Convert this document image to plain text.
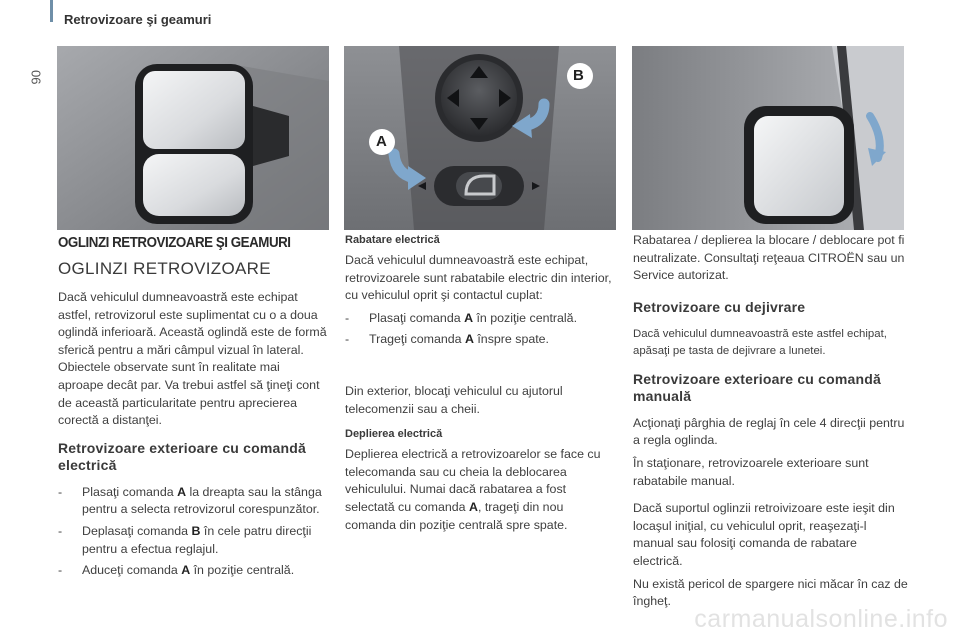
90
Retrovizoare şi geamuri
B
A
OGLINZI RETROVIZOARE ŞI GEAMURI
OGLINZI RETROVIZOARE

Dacă vehiculul dumneavoastră este echipat astfel, retrovizorul este suplimentat cu o a doua oglindă inferioară. Această oglindă este de formă sferică pentru a mări câmpul vizual în lateral. Obiectele observate sunt în realitate mai aproape decât par. Va trebui astfel să ţineţi cont de această particularitate pentru aprecierea corectă a distanţei.

Retrovizoare exterioare cu comandă electrică
- Plasaţi comanda A la dreapta sau la stânga pentru a selecta retrovizorul corespunzător.
- Deplasaţi comanda B în cele patru direcţii pentru a efectua reglajul.
- Aduceţi comanda A în poziţie centrală.
Rabatare electrică

Dacă vehiculul dumneavoastră este echipat, retrovizoarele sunt rabatabile electric din interior, cu vehiculul oprit şi contactul cuplat:

- Plasaţi comanda A în poziţie centrală.
- Trageţi comanda A înspre spate.

Din exterior, blocaţi vehiculul cu ajutorul telecomenzii sau a cheii.

Deplierea electrică

Deplierea electrică a retrovizoarelor se face cu telecomanda sau cu cheia la deblocarea vehiculului. Numai dacă rabatarea a fost selectată cu comanda A, trageţi din nou comanda din poziţie centrală spre spate.

Rabatarea / deplierea la blocare / deblocare pot fi neutralizate. Consultaţi reţeaua CITROËN sau un Service autorizat.

Retrovizoare cu dejivrare

Dacă vehiculul dumneavoastră este astfel echipat, apăsaţi pe tasta de dejivrare a lunetei.

Retrovizoare exterioare cu comandă manuală

Acţionaţi pârghia de reglaj în cele 4 direcţii pentru a regla oglinda.

În staţionare, retrovizoarele exterioare sunt rabatabile manual.

Dacă suportul oglinzii retroivizoare este ieşit din locaşul iniţial, cu vehiculul oprit, reaşezaţi-l manual sau folosiţi comanda de rabatare electrică.

Nu există pericol de spargere nici măcar în caz de îngheţ.

carmanualsonline.info
